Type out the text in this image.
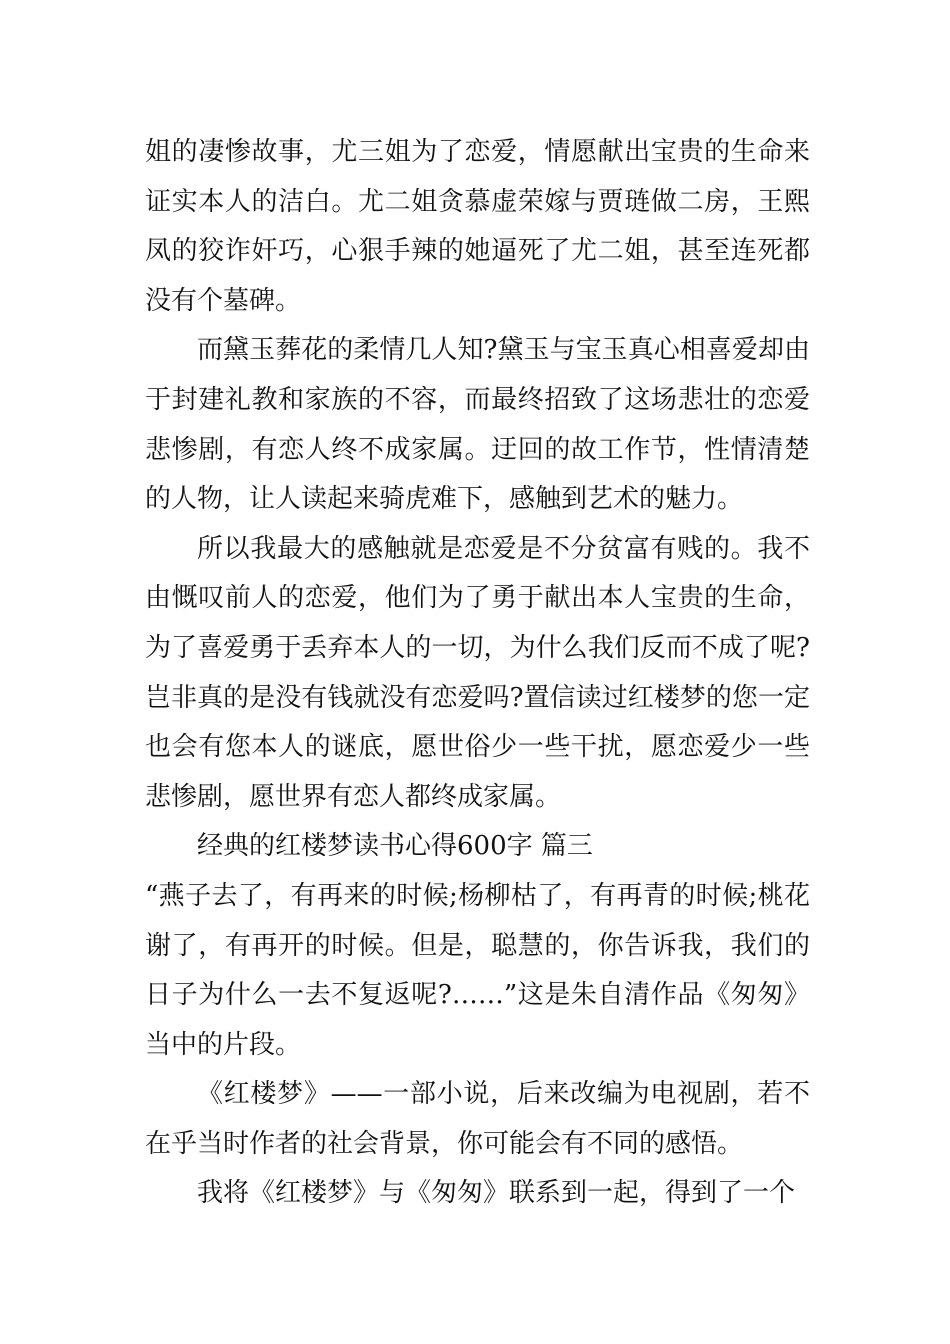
姐的凄惨故事，尤三姐为了恋爱，情愿献出宝贵的生命来证实本人的洁白。尤二姐贪慕虚荣嫁与贾琏做二房，王熙凤的狡诈奸巧，心狠手辣的她逼死了尤二姐，甚至连死都没有个墓碑。

而黛玉葬花的柔情几人知?黛玉与宝玉真心相喜爱却由于封建礼教和家族的不容，而最终招致了这场悲壮的恋爱悲惨剧，有恋人终不成家属。迂回的故工作节，性情清楚的人物，让人读起来骑虎难下，感触到艺术的魅力。

所以我最大的感触就是恋爱是不分贫富有贱的。我不由慨叹前人的恋爱，他们为了勇于献出本人宝贵的生命，为了喜爱勇于丢弃本人的一切，为什么我们反而不成了呢?岂非真的是没有钱就没有恋爱吗?置信读过红楼梦的您一定也会有您本人的谜底，愿世俗少一些干扰，愿恋爱少一些悲惨剧，愿世界有恋人都终成家属。

经典的红楼梦读书心得600字 篇三

“燕子去了，有再来的时候;杨柳枯了，有再青的时候;桃花谢了，有再开的时候。但是，聪慧的，你告诉我，我们的日子为什么一去不复返呢?……”这是朱自清作品《匆匆》当中的片段。

《红楼梦》——一部小说，后来改编为电视剧，若不在乎当时作者的社会背景，你可能会有不同的感悟。

我将《红楼梦》与《匆匆》联系到一起，得到了一个
